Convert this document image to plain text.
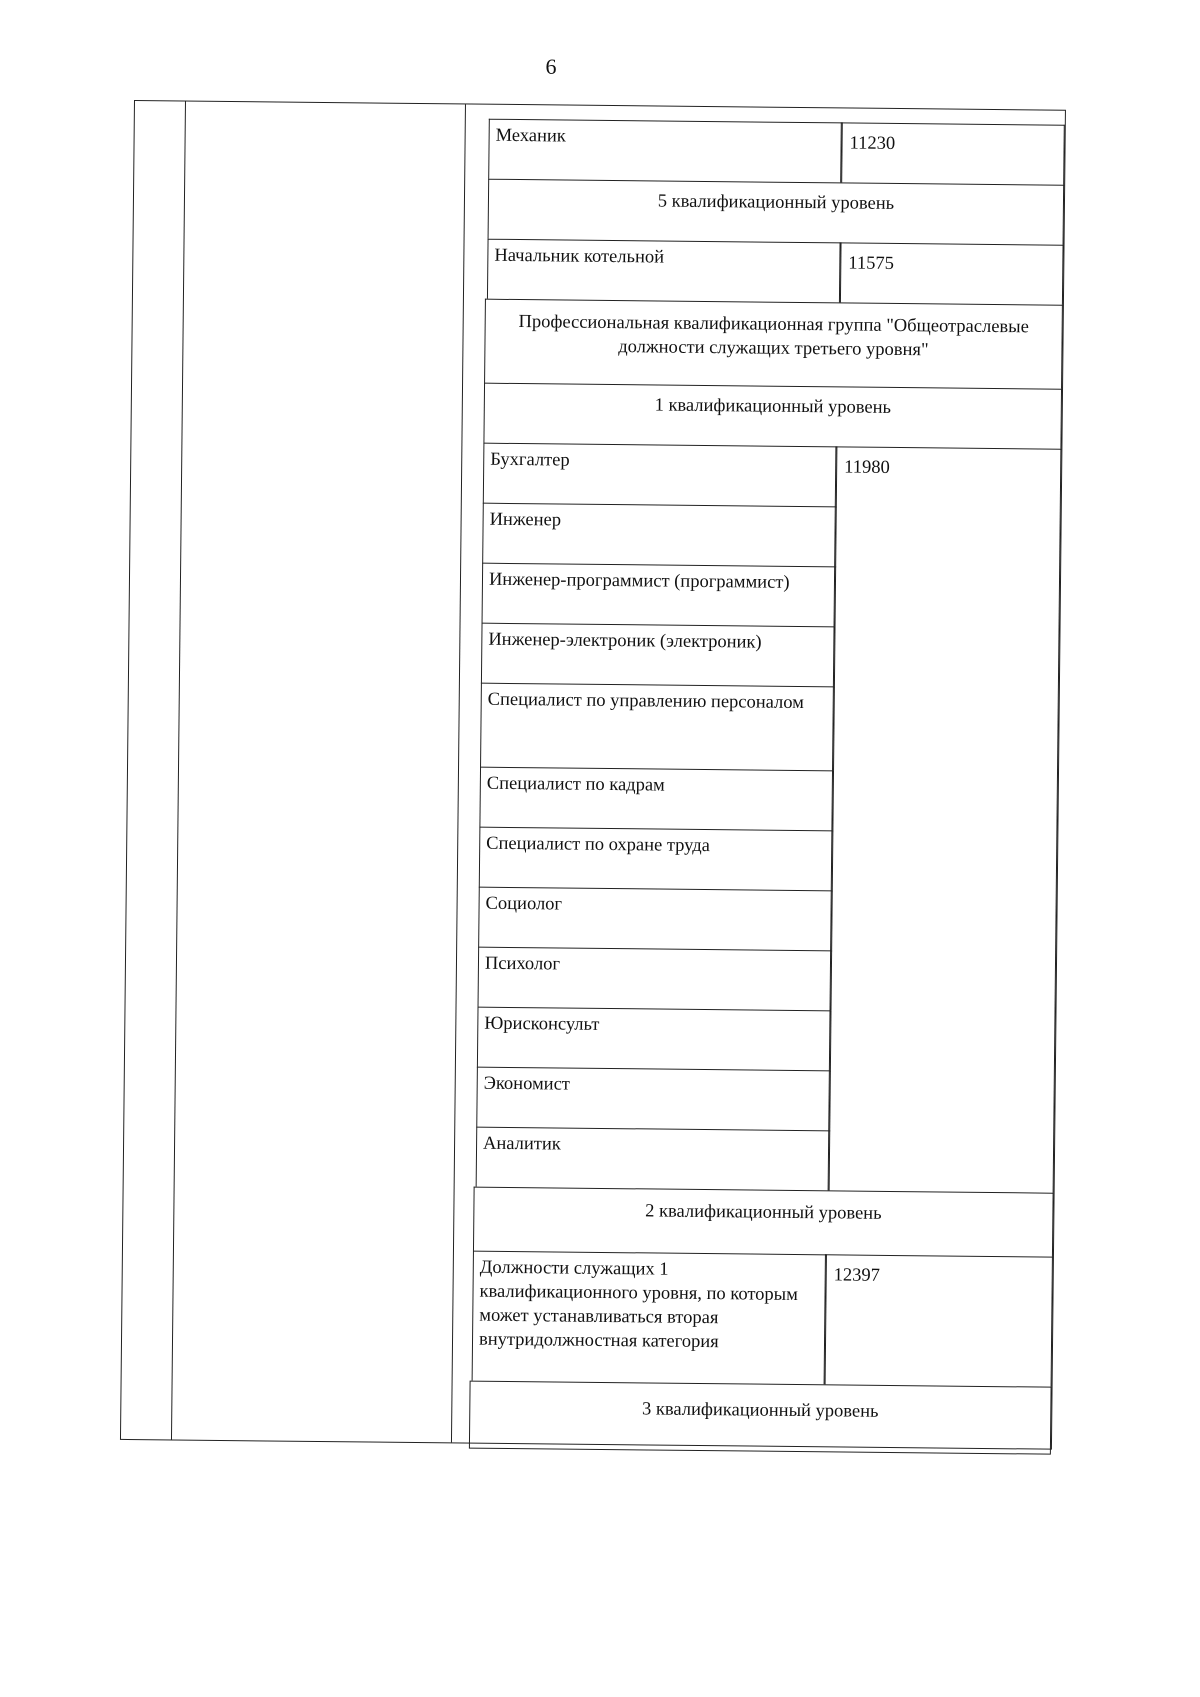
6
Механик	11230
5 квалификационный уровень
Начальник котельной	11575
Профессиональная квалификационная группа "Общеотраслевые должности служащих третьего уровня"
1 квалификационный уровень
Бухгалтер
Инженер
Инженер-программист (программист)
Инженер-электроник (электроник)
Специалист по управлению персоналом
Специалист по кадрам
Специалист по охране труда
Социолог
Психолог
Юрисконсульт
Экономист
Аналитик
11980
2 квалификационный уровень
Должности служащих 1 квалификационного уровня, по которым может устанавливаться вторая внутридолжностная категория
12397
3 квалификационный уровень
